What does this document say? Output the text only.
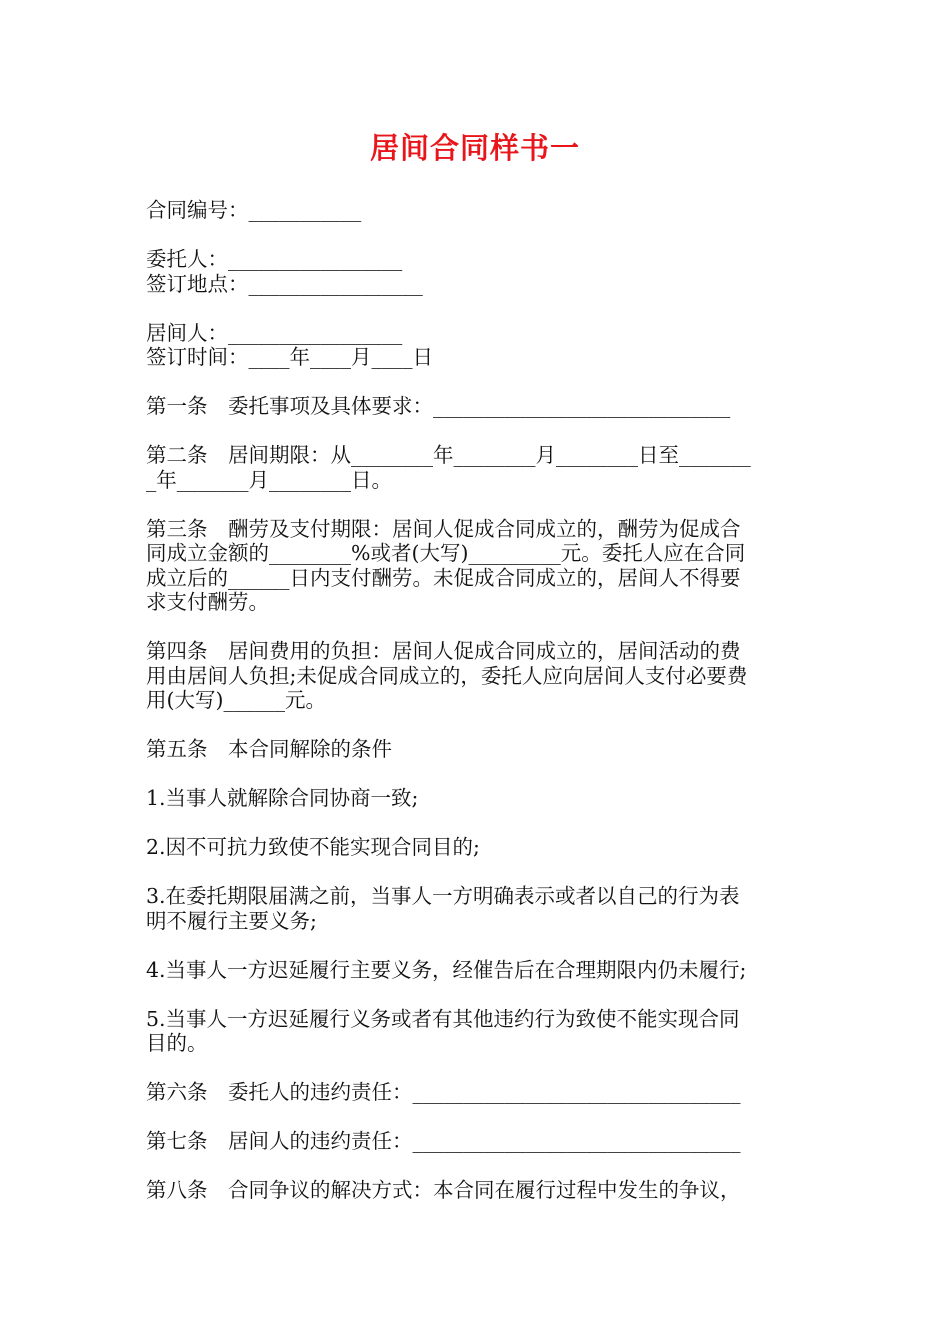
居间合同样书一

合同编号：___________

委托人：_________________
签订地点：_________________

居间人：_________________
签订时间：____年____月____日

第一条　委托事项及具体要求：_____________________________

第二条　居间期限：从________年________月________日至_______
_年_______月________日。

第三条　酬劳及支付期限：居间人促成合同成立的，酬劳为促成合
同成立金额的________%或者(大写)_________元。委托人应在合同
成立后的______日内支付酬劳。未促成合同成立的，居间人不得要
求支付酬劳。

第四条　居间费用的负担：居间人促成合同成立的，居间活动的费
用由居间人负担;未促成合同成立的，委托人应向居间人支付必要费
用(大写)______元。

第五条　本合同解除的条件

1.当事人就解除合同协商一致;

2.因不可抗力致使不能实现合同目的;

3.在委托期限届满之前，当事人一方明确表示或者以自己的行为表
明不履行主要义务;

4.当事人一方迟延履行主要义务，经催告后在合理期限内仍未履行;

5.当事人一方迟延履行义务或者有其他违约行为致使不能实现合同
目的。

第六条　委托人的违约责任：________________________________

第七条　居间人的违约责任：________________________________

第八条　合同争议的解决方式：本合同在履行过程中发生的争议，
